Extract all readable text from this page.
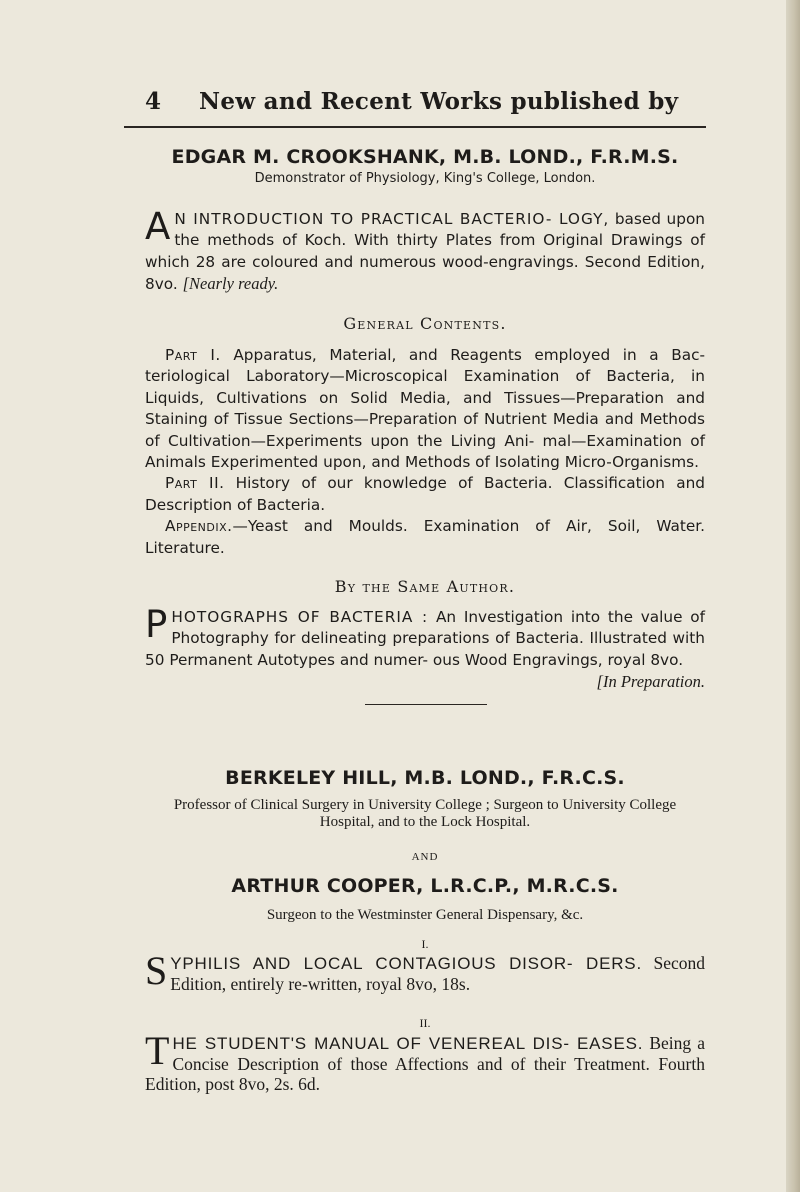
4 New and Recent Works published by

EDGAR M. CROOKSHANK, M.B. LOND., F.R.M.S.

Demonstrator of Physiology, King's College, London.

A N INTRODUCTION TO PRACTICAL BACTERIO- LOGY, based upon the methods of Koch. With thirty Plates from Original Drawings of which 28 are coloured and numerous wood-engravings. Second Edition, 8vo. [Nearly ready.

General Contents.

Part I. Apparatus, Material, and Reagents employed in a Bac- teriological Laboratory—Microscopical Examination of Bacteria, in Liquids, Cultivations on Solid Media, and Tissues—Preparation and Staining of Tissue Sections—Preparation of Nutrient Media and Methods of Cultivation—Experiments upon the Living Ani- mal—Examination of Animals Experimented upon, and Methods of Isolating Micro-Organisms.

Part II. History of our knowledge of Bacteria. Classification and Description of Bacteria.

Appendix.—Yeast and Moulds. Examination of Air, Soil, Water. Literature.

By the Same Author.

PHOTOGRAPHS OF BACTERIA : An Investigation into the value of Photography for delineating preparations of Bacteria. Illustrated with 50 Permanent Autotypes and numer- ous Wood Engravings, royal 8vo.
[In Preparation.

BERKELEY HILL, M.B. LOND., F.R.C.S.

Professor of Clinical Surgery in University College ; Surgeon to University College Hospital, and to the Lock Hospital.

AND

ARTHUR COOPER, L.R.C.P., M.R.C.S.

Surgeon to the Westminster General Dispensary, &c.

I.

SYPHILIS AND LOCAL CONTAGIOUS DISOR- DERS. Second Edition, entirely re-written, royal 8vo, 18s.

II.

THE STUDENT'S MANUAL OF VENEREAL DIS- EASES. Being a Concise Description of those Affections and of their Treatment. Fourth Edition, post 8vo, 2s. 6d.
